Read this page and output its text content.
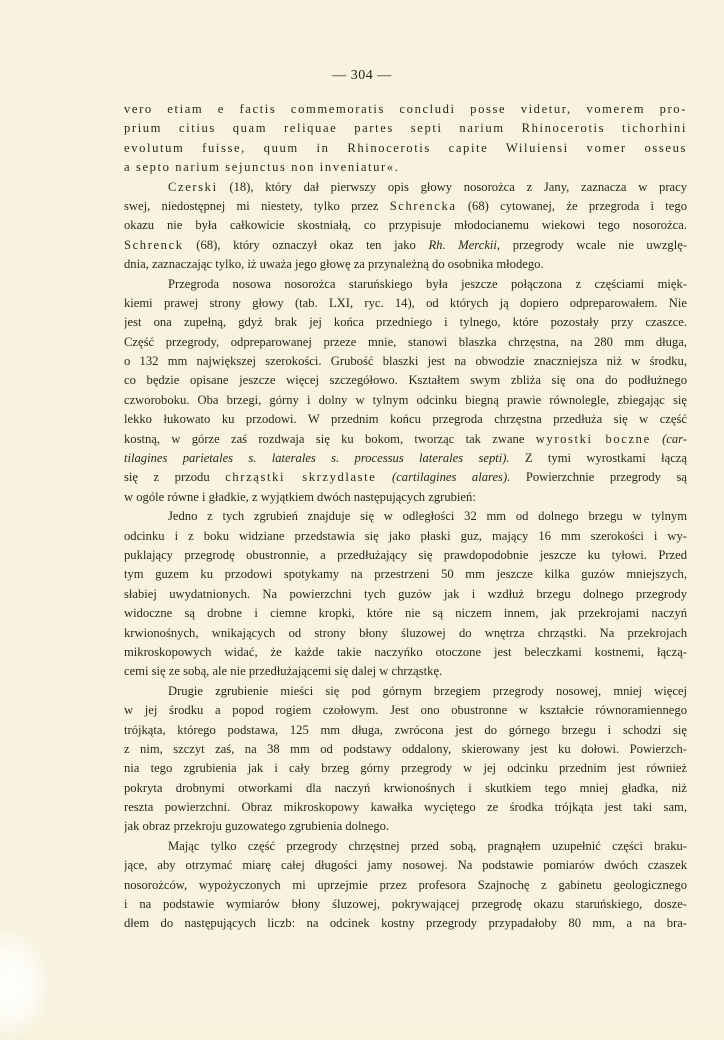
— 304 —
vero etiam e factis commemoratis concludi posse videtur, vomerem pro-
prium citius quam reliquae partes septi narium Rhinocerotis tichorhini
evolutum fuisse, quum in Rhinocerotis capite Wiluiensi vomer osseus
a septo narium sejunctus non inveniatur«.
Czerski (18), który dał pierwszy opis głowy nosorożca z Jany, zaznacza w pracy
swej, niedostępnej mi niestety, tylko przez Schrencka (68) cytowanej, że przegroda i tego
okazu nie była całkowicie skostniałą, co przypisuje młodocianemu wiekowi tego nosorożca.
Schrenck (68), który oznaczył okaz ten jako Rh. Merckii, przegrody wcale nie uwzglę-
dnia, zaznaczając tylko, iż uważa jego głowę za przynależną do osobnika młodego.
Przegroda nosowa nosorożca staruńskiego była jeszcze połączona z częściami mięk-
kiemi prawej strony głowy (tab. LXI, ryc. 14), od których ją dopiero odpreparowałem. Nie
jest ona zupełną, gdyż brak jej końca przedniego i tylnego, które pozostały przy czaszce.
Część przegrody, odpreparowanej przeze mnie, stanowi blaszka chrzęstna, na 280 mm długa,
o 132 mm największej szerokości. Grubość blaszki jest na obwodzie znaczniejsza niż w środku,
co będzie opisane jeszcze więcej szczegółowo. Kształtem swym zbliża się ona do podłużnego
czworoboku. Oba brzegi, górny i dolny w tylnym odcinku biegną prawie równolegle, zbiegając się
lekko łukowato ku przodowi. W przednim końcu przegroda chrzęstna przedłuża się w część
kostną, w górze zaś rozdwaja się ku bokom, tworząc tak zwane wyrostki boczne (car-
tilagines parietales s. laterales s. processus laterales septi). Z tymi wyrostkami łączą
się z przodu chrząstki skrzydlaste (cartilagines alares). Powierzchnie przegrody są
w ogóle równe i gładkie, z wyjątkiem dwóch następujących zgrubień:
Jedno z tych zgrubień znajduje się w odległości 32 mm od dolnego brzegu w tylnym
odcinku i z boku widziane przedstawia się jako płaski guz, mający 16 mm szerokości i wy-
puklający przegrodę obustronnie, a przedłużający się prawdopodobnie jeszcze ku tyłowi. Przed
tym guzem ku przodowi spotykamy na przestrzeni 50 mm jeszcze kilka guzów mniejszych,
słabiej uwydatnionych. Na powierzchni tych guzów jak i wzdłuż brzegu dolnego przegrody
widoczne są drobne i ciemne kropki, które nie są niczem innem, jak przekrojami naczyń
krwionośnych, wnikających od strony błony śluzowej do wnętrza chrząstki. Na przekrojach
mikroskopowych widać, że każde takie naczyńko otoczone jest beleczkami kostnemi, łączą-
cemi się ze sobą, ale nie przedłużającemi się dalej w chrząstkę.
Drugie zgrubienie mieści się pod górnym brzegiem przegrody nosowej, mniej więcej
w jej środku a popod rogiem czołowym. Jest ono obustronne w kształcie równoramiennego
trójkąta, którego podstawa, 125 mm długa, zwrócona jest do górnego brzegu i schodzi się
z nim, szczyt zaś, na 38 mm od podstawy oddalony, skierowany jest ku dołowi. Powierzch-
nia tego zgrubienia jak i cały brzeg górny przegrody w jej odcinku przednim jest również
pokryta drobnymi otworkami dla naczyń krwionośnych i skutkiem tego mniej gładka, niż
reszta powierzchni. Obraz mikroskopowy kawałka wyciętego ze środka trójkąta jest taki sam,
jak obraz przekroju guzowatego zgrubienia dolnego.
Mając tylko część przegrody chrzęstnej przed sobą, pragnąłem uzupełnić części braku-
jące, aby otrzymać miarę całej długości jamy nosowej. Na podstawie pomiarów dwóch czaszek
nosorożców, wypożyczonych mi uprzejmie przez profesora Szajnochę z gabinetu geologicznego
i na podstawie wymiarów błony śluzowej, pokrywającej przegrodę okazu staruńskiego, dosze-
dłem do następujących liczb: na odcinek kostny przegrody przypadałoby 80 mm, a na bra-
